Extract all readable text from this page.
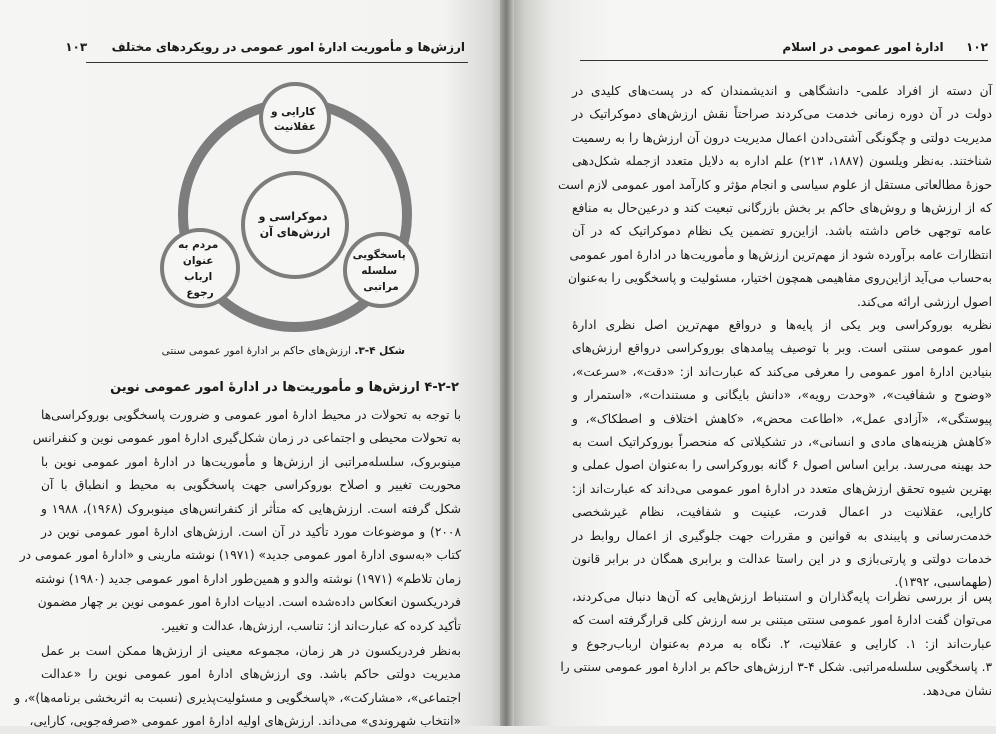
ارزش‌ها و مأموریت ادارهٔ امور عمومی در رویکردهای مختلف  ۱۰۳
دموکراسی و ارزش‌های آن
کارایی و عقلانیت
پاسخگویی سلسله مراتبی
مردم به عنوان ارباب رجوع
شکل ۴-۳. ارزش‌های حاکم بر ادارهٔ امور عمومی سنتی
۴-۲-۲ ارزش‌ها و مأموریت‌ها در ادارهٔ امور عمومی نوین
با توجه به تحولات در محیط ادارهٔ امور عمومی و ضرورت پاسخگویی بوروکراسی‌ها
به تحولات محیطی و اجتماعی در زمان شکل‌گیری ادارهٔ امور عمومی نوین و کنفرانس
مینوبروک، سلسله‌مراتبی از ارزش‌ها و مأموریت‌ها در ادارهٔ امور عمومی نوین با
محوریت تغییر و اصلاح بوروکراسی جهت پاسخگویی به محیط و انطباق با آن
شکل گرفته است. ارزش‌هایی که متأثر از کنفرانس‌های مینوبروک (۱۹۶۸)، ۱۹۸۸ و
۲۰۰۸) و موضوعات مورد تأکید در آن است. ارزش‌های ادارهٔ امور عمومی نوین در
کتاب «به‌سوی ادارهٔ امور عمومی جدید» (۱۹۷۱) نوشته مارینی و «ادارهٔ امور عمومی در
زمان تلاطم» (۱۹۷۱) نوشته والدو و همین‌طور ادارهٔ امور عمومی جدید (۱۹۸۰) نوشته
فردریکسون انعکاس داده‌شده است. ادبیات ادارهٔ امور عمومی نوین بر چهار مضمون
تأکید کرده که عبارت‌اند از: تناسب، ارزش‌ها، عدالت و تغییر.
به‌نظر فردریکسون در هر زمان، مجموعه معینی از ارزش‌ها ممکن است بر عمل
مدیریت دولتی حاکم باشد. وی ارزش‌های ادارهٔ امور عمومی نوین را «عدالت
اجتماعی»، «مشارکت»، «پاسخگویی و مسئولیت‌پذیری (نسبت به اثربخشی برنامه‌ها)»، و
«انتخاب شهروندی» می‌داند. ارزش‌های اولیه ادارهٔ امور عمومی «صرفه‌جویی، کارایی،
۱۰۲  ادارهٔ امور عمومی در اسلام
آن دسته از افراد علمی- دانشگاهی و اندیشمندان که در پست‌های کلیدی در
دولت در آن دوره زمانی خدمت می‌کردند صراحتاً نقش ارزش‌های دموکراتیک در
مدیریت دولتی و چگونگی آشتی‌دادن اعمال مدیریت درون آن ارزش‌ها را به رسمیت
شناختند. به‌نظر ویلسون (۱۸۸۷، ۲۱۳) علم اداره به دلایل متعدد ازجمله شکل‌دهی
حوزهٔ مطالعاتی مستقل از علوم سیاسی و انجام مؤثر و کارآمد امور عمومی لازم است
که از ارزش‌ها و روش‌های حاکم بر بخش بازرگانی تبعیت کند و درعین‌حال به منافع
عامه توجهی خاص داشته باشد. ازاین‌رو تضمین یک نظام دموکراتیک که در آن
انتظارات عامه برآورده شود از مهم‌ترین ارزش‌ها و مأموریت‌ها در ادارهٔ امور عمومی
به‌حساب می‌آید ازاین‌روی مفاهیمی همچون اختیار، مسئولیت و پاسخگویی را به‌عنوان
اصول ارزشی ارائه می‌کند.
نظریه بوروکراسی وبر یکی از پایه‌ها و درواقع مهم‌ترین اصل نظری ادارهٔ
امور عمومی سنتی است. وبر با توصیف پیامدهای بوروکراسی درواقع ارزش‌های
بنیادین ادارهٔ امور عمومی را معرفی می‌کند که عبارت‌اند از: «دقت»، «سرعت»،
«وضوح و شفافیت»، «وحدت رویه»، «دانش بایگانی و مستندات»، «استمرار و
پیوستگی»، «آزادی عمل»، «اطاعت محض»، «کاهش اختلاف و اصطکاک»، و
«کاهش هزینه‌های مادی و انسانی»، در تشکیلاتی که منحصراً بوروکراتیک است به
حد بهینه می‌رسد. براین اساس اصول ۶ گانه بوروکراسی را به‌عنوان اصول عملی و
بهترین شیوه تحقق ارزش‌های متعدد در ادارهٔ امور عمومی می‌داند که عبارت‌اند از:
کارایی، عقلانیت در اعمال قدرت، عینیت و شفافیت، نظام غیرشخصی
خدمت‌رسانی و پایبندی به قوانین و مقررات جهت جلوگیری از اعمال روابط در
خدمات دولتی و پارتی‌بازی و در این راستا عدالت و برابری همگان در برابر قانون
(طهماسبی، ۱۳۹۲).
پس از بررسی نظرات پایه‌گذاران و استنباط ارزش‌هایی که آن‌ها دنبال می‌کردند،
می‌توان گفت ادارهٔ امور عمومی سنتی مبتنی بر سه ارزش کلی قرارگرفته است که
عبارت‌اند از: ۱. کارایی و عقلانیت، ۲. نگاه به مردم به‌عنوان ارباب‌رجوع و
۳. پاسخگویی سلسله‌مراتبی. شکل ۴-۳ ارزش‌های حاکم بر ادارهٔ امور عمومی سنتی را
نشان می‌دهد.
